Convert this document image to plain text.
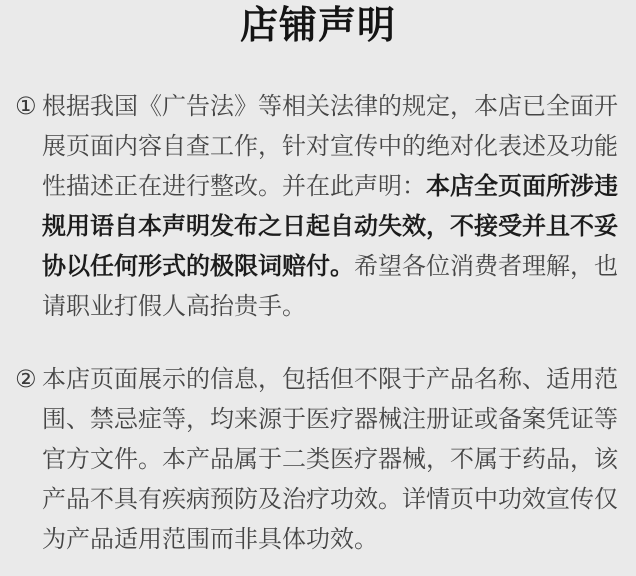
店铺声明
① 根据我国《广告法》等相关法律的规定，本店已全面开展页面内容自查工作，针对宣传中的绝对化表述及功能性描述正在进行整改。并在此声明：本店全页面所涉违规用语自本声明发布之日起自动失效，不接受并且不妥协以任何形式的极限词赔付。希望各位消费者理解，也请职业打假人高抬贵手。

② 本店页面展示的信息，包括但不限于产品名称、适用范围、禁忌症等，均来源于医疗器械注册证或备案凭证等官方文件。本产品属于二类医疗器械，不属于药品，该产品不具有疾病预防及治疗功效。详情页中功效宣传仅为产品适用范围而非具体功效。
